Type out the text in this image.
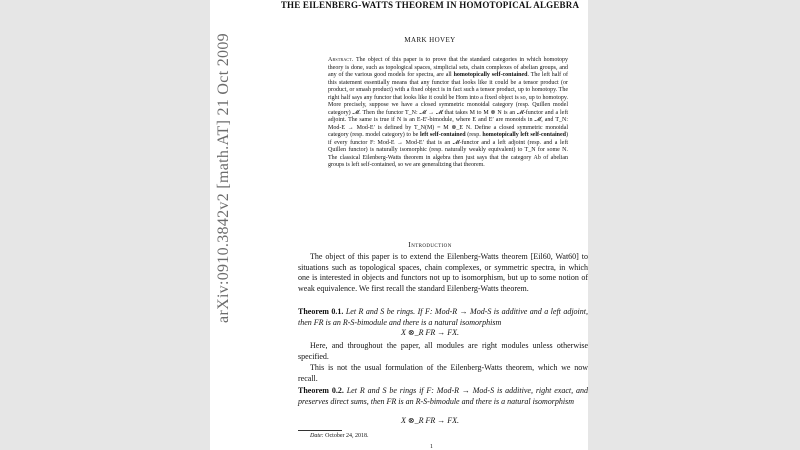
THE EILENBERG-WATTS THEOREM IN HOMOTOPICAL ALGEBRA
MARK HOVEY
Abstract. The object of this paper is to prove that the standard categories in which homotopy theory is done, such as topological spaces, simplicial sets, chain complexes of abelian groups, and any of the various good models for spectra, are all homotopically self-contained. The left half of this statement essentially means that any functor that looks like it could be a tensor product (or product, or smash product) with a fixed object is in fact such a tensor product, up to homotopy. The right half says any functor that looks like it could be Hom into a fixed object is so, up to homotopy. More precisely, suppose we have a closed symmetric monoidal category (resp. Quillen model category) 𝓜. Then the functor T_N: 𝓜 → 𝓜 that takes M to M ⊗ N is an 𝓜-functor and a left adjoint. The same is true if N is an E-E′-bimodule, where E and E′ are monoids in 𝓜, and T_N: Mod-E → Mod-E′ is defined by T_N(M) = M ⊗_E N. Define a closed symmetric monoidal category (resp. model category) to be left self-contained (resp. homotopically left self-contained) if every functor F: Mod-E → Mod-E′ that is an 𝓜-functor and a left adjoint (resp. and a left Quillen functor) is naturally isomorphic (resp. naturally weakly equivalent) to T_N for some N. The classical Eilenberg-Watts theorem in algebra then just says that the category Ab of abelian groups is left self-contained, so we are generalizing that theorem.
Introduction
The object of this paper is to extend the Eilenberg-Watts theorem [Eil60, Wat60] to situations such as topological spaces, chain complexes, or symmetric spectra, in which one is interested in objects and functors not up to isomorphism, but up to some notion of weak equivalence. We first recall the standard Eilenberg-Watts theorem.
Theorem 0.1. Let R and S be rings. If F: Mod-R → Mod-S is additive and a left adjoint, then FR is an R-S-bimodule and there is a natural isomorphism
X ⊗_R FR → FX.
Here, and throughout the paper, all modules are right modules unless otherwise specified.
This is not the usual formulation of the Eilenberg-Watts theorem, which we now recall.
Theorem 0.2. Let R and S be rings if F: Mod-R → Mod-S is additive, right exact, and preserves direct sums, then FR is an R-S-bimodule and there is a natural isomorphism
X ⊗_R FR → FX.
Date: October 24, 2018.
1
arXiv:0910.3842v2 [math.AT] 21 Oct 2009
